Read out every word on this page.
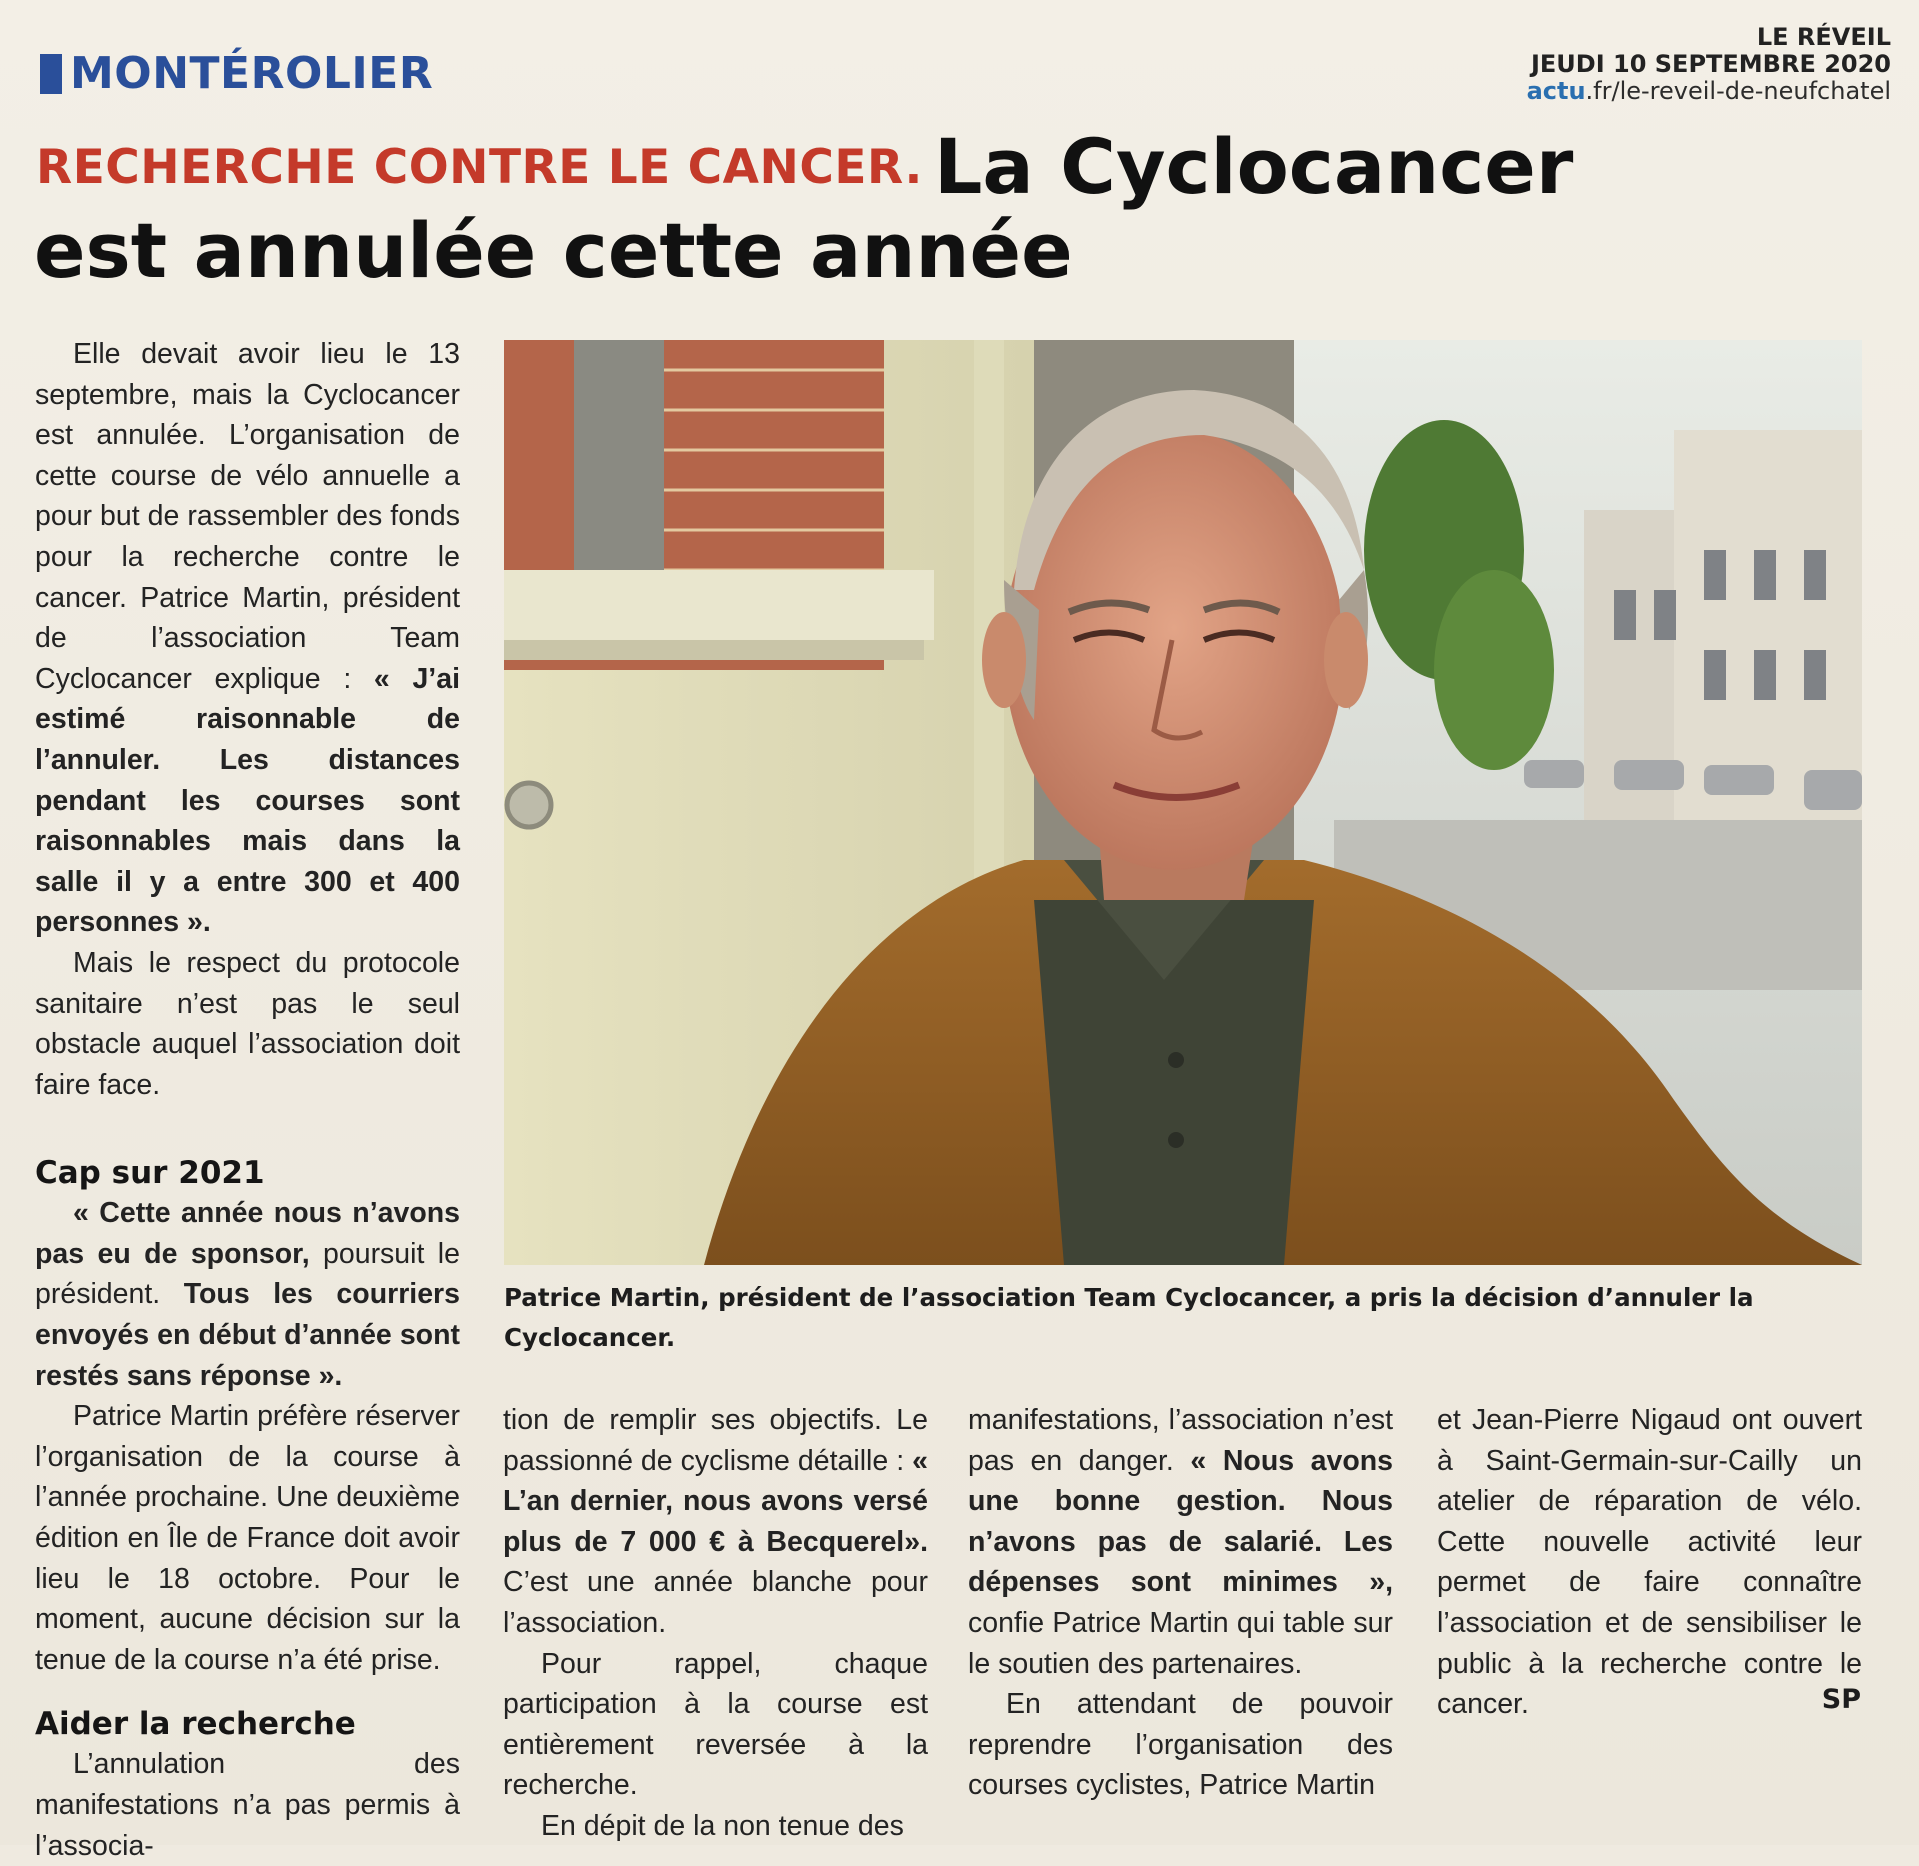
MONTÉROLIER
LE RÉVEIL
JEUDI 10 SEPTEMBRE 2020
actu.fr/le-reveil-de-neufchatel
RECHERCHE CONTRE LE CANCER. La Cyclocancer
est annulée cette année

Elle devait avoir lieu le 13 septembre, mais la Cyclocancer est annulée. L’organisation de cette course de vélo annuelle a pour but de rassembler des fonds pour la recherche contre le cancer. Patrice Martin, président de l’association Team Cyclocancer explique : « J’ai estimé raisonnable de l’annuler. Les distances pendant les courses sont raisonnables mais dans la salle il y a entre 300 et 400 personnes ».

Mais le respect du protocole sanitaire n’est pas le seul obstacle auquel l’association doit faire face.

Cap sur 2021

« Cette année nous n’avons pas eu de sponsor, poursuit le président. Tous les courriers envoyés en début d’année sont restés sans réponse ».

Patrice Martin préfère réserver l’organisation de la course à l’année prochaine. Une deuxième édition en Île de France doit avoir lieu le 18 octobre. Pour le moment, aucune décision sur la tenue de la course n’a été prise.

Aider la recherche

L’annulation des manifestations n’a pas permis à l’associa-

Patrice Martin, président de l’association Team Cyclocancer, a pris la décision d’annuler la Cyclocancer.

tion de remplir ses objectifs. Le passionné de cyclisme détaille : « L’an dernier, nous avons versé plus de 7 000 € à Becquerel». C’est une année blanche pour l’association.

Pour rappel, chaque participation à la course est entièrement reversée à la recherche.

En dépit de la non tenue des

manifestations, l’association n’est pas en danger. « Nous avons une bonne gestion. Nous n’avons pas de salarié. Les dépenses sont minimes », confie Patrice Martin qui table sur le soutien des partenaires.

En attendant de pouvoir reprendre l’organisation des courses cyclistes, Patrice Martin

et Jean-Pierre Nigaud ont ouvert à Saint-Germain-sur-Cailly un atelier de réparation de vélo. Cette nouvelle activité leur permet de faire connaître l’association et de sensibiliser le public à la recherche contre le cancer.	SP
